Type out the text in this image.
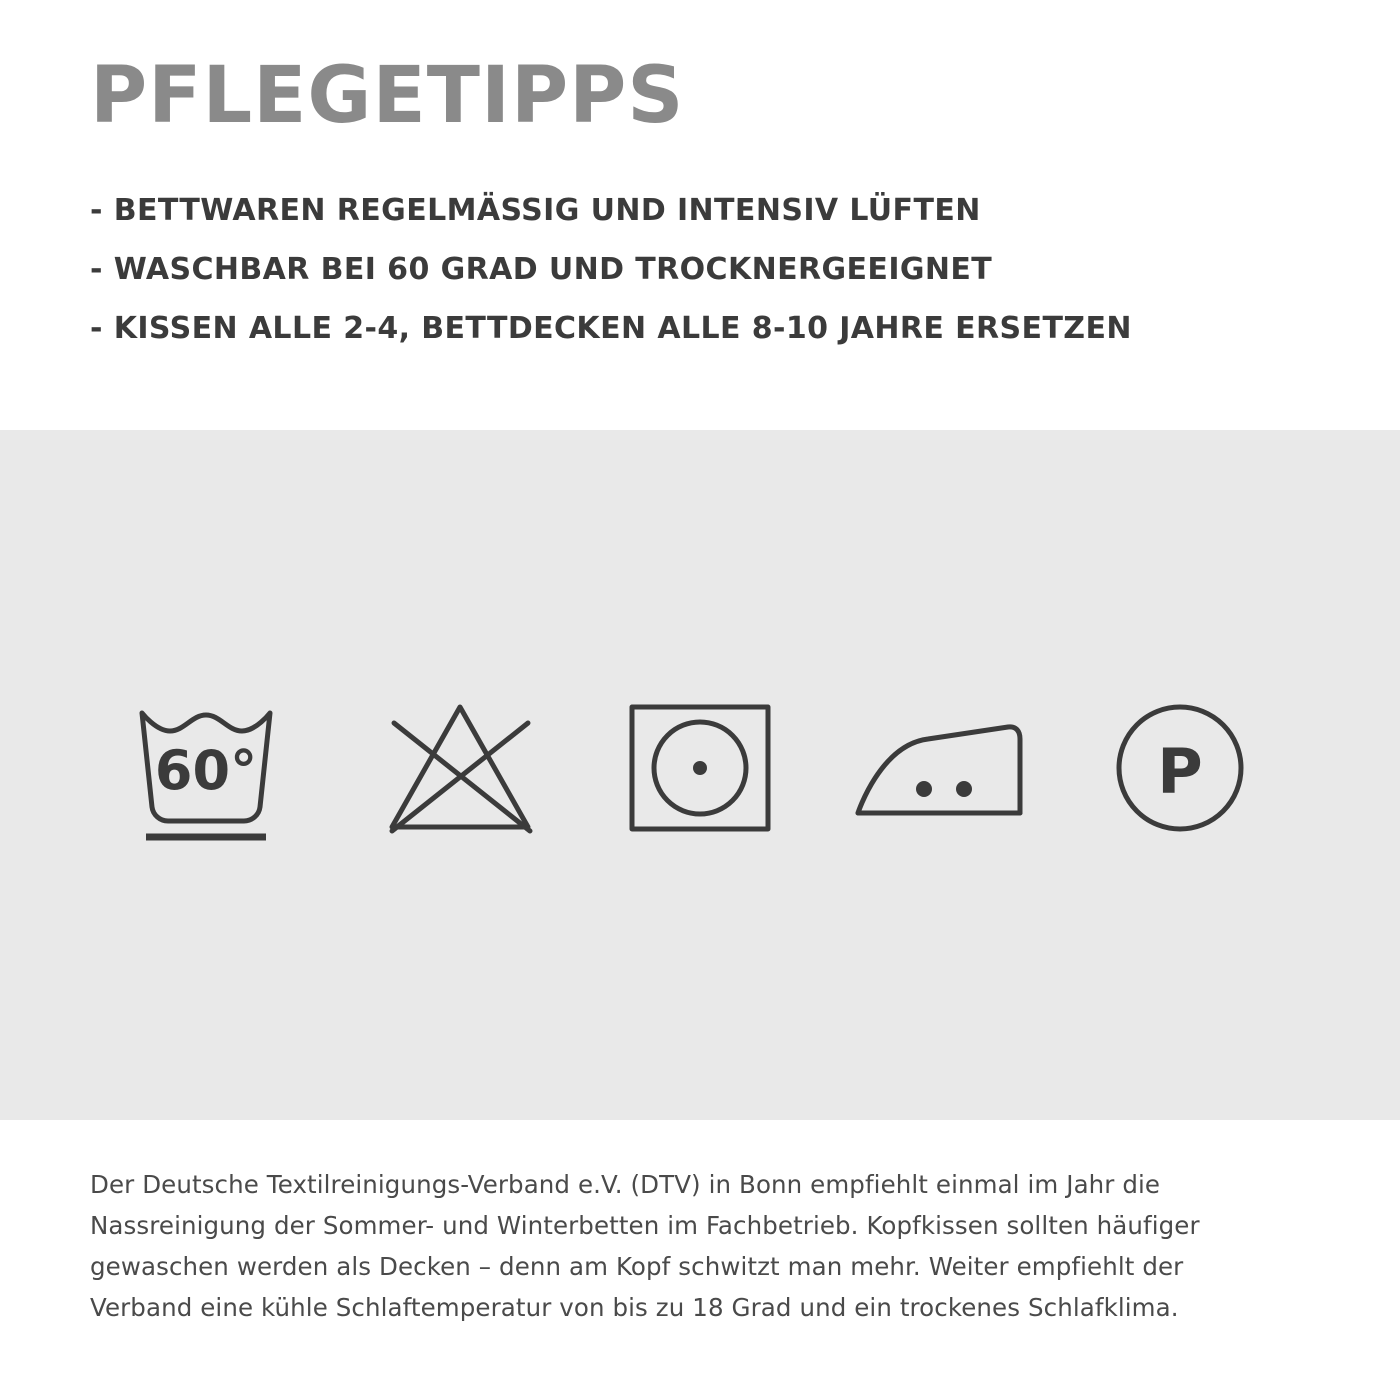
PFLEGETIPPS
- BETTWAREN REGELMÄSSIG UND INTENSIV LÜFTEN
- WASCHBAR BEI 60 GRAD UND TROCKNERGEEIGNET
- KISSEN ALLE 2-4, BETTDECKEN ALLE 8-10 JAHRE ERSETZEN
60°	P

Der Deutsche Textilreinigungs-Verband e.V. (DTV) in Bonn empfiehlt einmal im Jahr die Nassreinigung der Sommer- und Winterbetten im Fachbetrieb. Kopfkissen sollten häufiger gewaschen werden als Decken – denn am Kopf schwitzt man mehr. Weiter empfiehlt der Verband eine kühle Schlaftemperatur von bis zu 18 Grad und ein trockenes Schlafklima.
